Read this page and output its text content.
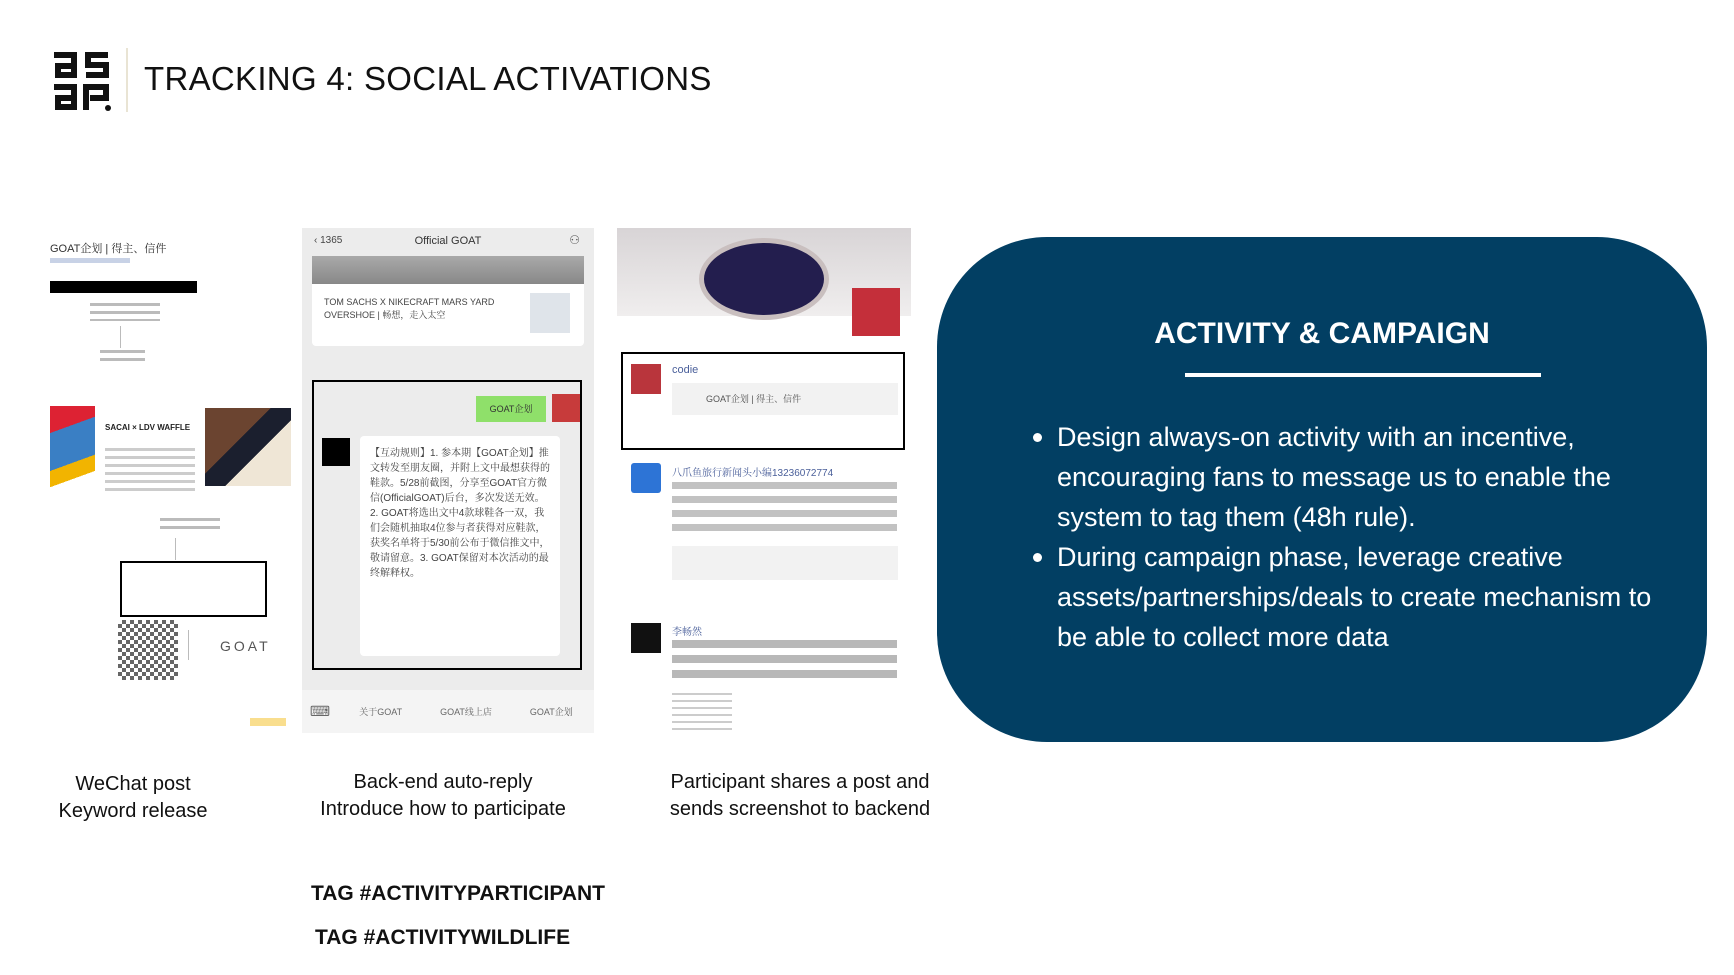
TRACKING 4: SOCIAL ACTIVATIONS
GOAT企划 | 得主、信件
SACAI × LDV WAFFLE
GOAT
‹ 1365	Official GOAT	⚇
TOM SACHS X NIKECRAFT MARS YARD OVERSHOE | 畅想，走入太空
GOAT企划
【互动规则】1. 参本期【GOAT企划】推文转发至朋友圈，并附上文中最想获得的鞋款。5/28前截图，分享至GOAT官方微信(OfficialGOAT)后台，多次发送无效。2. GOAT将选出文中4款球鞋各一双，我们会随机抽取4位参与者获得对应鞋款，获奖名单将于5/30前公布于微信推文中，敬请留意。3. GOAT保留对本次活动的最终解释权。
⌨	关于GOAT	GOAT线上店	GOAT企划
codie
GOAT企划 | 得主、信件
八爪鱼旅行新闻头小编13236072774
李畅然
WeChat post
Keyword release
Back-end auto-reply
Introduce how to participate
Participant shares a post and
sends screenshot to backend
TAG #ACTIVITYPARTICIPANT
TAG #ACTIVITYWILDLIFE
ACTIVITY & CAMPAIGN
Design always-on activity with an incentive, encouraging fans to message us to enable the system to tag them (48h rule).
During campaign phase, leverage creative assets/partnerships/deals to create mechanism to be able to collect more data
